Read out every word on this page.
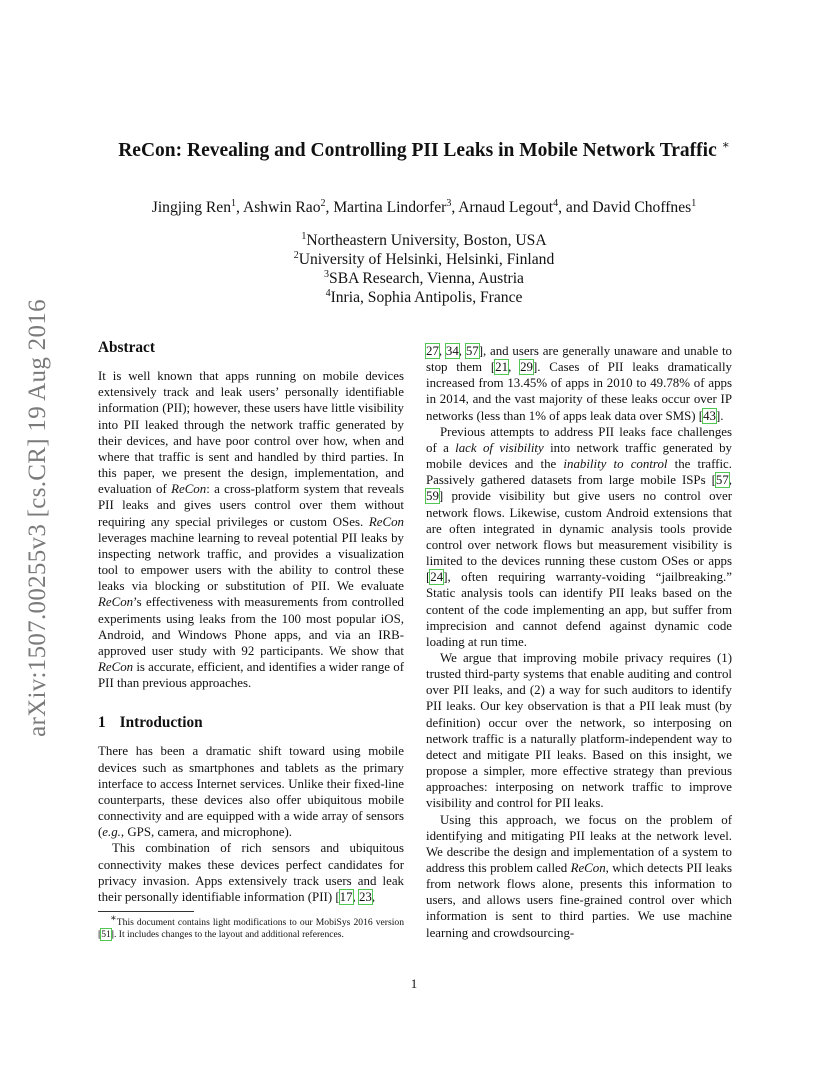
arXiv:1507.00255v3 [cs.CR] 19 Aug 2016
ReCon: Revealing and Controlling PII Leaks in Mobile Network Traffic ∗
Jingjing Ren$^1$, Ashwin Rao$^2$, Martina Lindorfer$^3$, Arnaud Legout$^4$, and David Choffnes$^1$
$^1$Northeastern University, Boston, USA
$^2$University of Helsinki, Helsinki, Finland
$^3$SBA Research, Vienna, Austria
$^4$Inria, Sophia Antipolis, France
Abstract

It is well known that apps running on mobile devices extensively track and leak users’ personally identifiable information (PII); however, these users have little visibility into PII leaked through the network traffic generated by their devices, and have poor control over how, when and where that traffic is sent and handled by third parties. In this paper, we present the design, implementation, and evaluation of ReCon: a cross-platform system that reveals PII leaks and gives users control over them without requiring any special privileges or custom OSes. ReCon leverages machine learning to reveal potential PII leaks by inspecting network traffic, and provides a visualization tool to empower users with the ability to control these leaks via blocking or substitution of PII. We evaluate ReCon’s effectiveness with measurements from controlled experiments using leaks from the 100 most popular iOS, Android, and Windows Phone apps, and via an IRB-approved user study with 92 participants. We show that ReCon is accurate, efficient, and identifies a wider range of PII than previous approaches.

1 Introduction

There has been a dramatic shift toward using mobile devices such as smartphones and tablets as the primary interface to access Internet services. Unlike their fixed-line counterparts, these devices also offer ubiquitous mobile connectivity and are equipped with a wide array of sensors (e.g., GPS, camera, and microphone).

This combination of rich sensors and ubiquitous connectivity makes these devices perfect candidates for privacy invasion. Apps extensively track users and leak their personally identifiable information (PII) [17, 23,

∗This document contains light modifications to our MobiSys 2016 version [51]. It includes changes to the layout and additional references.

27, 34, 57], and users are generally unaware and unable to stop them [21, 29]. Cases of PII leaks dramatically increased from 13.45% of apps in 2010 to 49.78% of apps in 2014, and the vast majority of these leaks occur over IP networks (less than 1% of apps leak data over SMS) [43].

Previous attempts to address PII leaks face challenges of a lack of visibility into network traffic generated by mobile devices and the inability to control the traffic. Passively gathered datasets from large mobile ISPs [57, 59] provide visibility but give users no control over network flows. Likewise, custom Android extensions that are often integrated in dynamic analysis tools provide control over network flows but measurement visibility is limited to the devices running these custom OSes or apps [24], often requiring warranty-voiding “jailbreaking.” Static analysis tools can identify PII leaks based on the content of the code implementing an app, but suffer from imprecision and cannot defend against dynamic code loading at run time.

We argue that improving mobile privacy requires (1) trusted third-party systems that enable auditing and control over PII leaks, and (2) a way for such auditors to identify PII leaks. Our key observation is that a PII leak must (by definition) occur over the network, so interposing on network traffic is a naturally platform-independent way to detect and mitigate PII leaks. Based on this insight, we propose a simpler, more effective strategy than previous approaches: interposing on network traffic to improve visibility and control for PII leaks.

Using this approach, we focus on the problem of identifying and mitigating PII leaks at the network level. We describe the design and implementation of a system to address this problem called ReCon, which detects PII leaks from network flows alone, presents this information to users, and allows users fine-grained control over which information is sent to third parties. We use machine learning and crowdsourcing-

1
